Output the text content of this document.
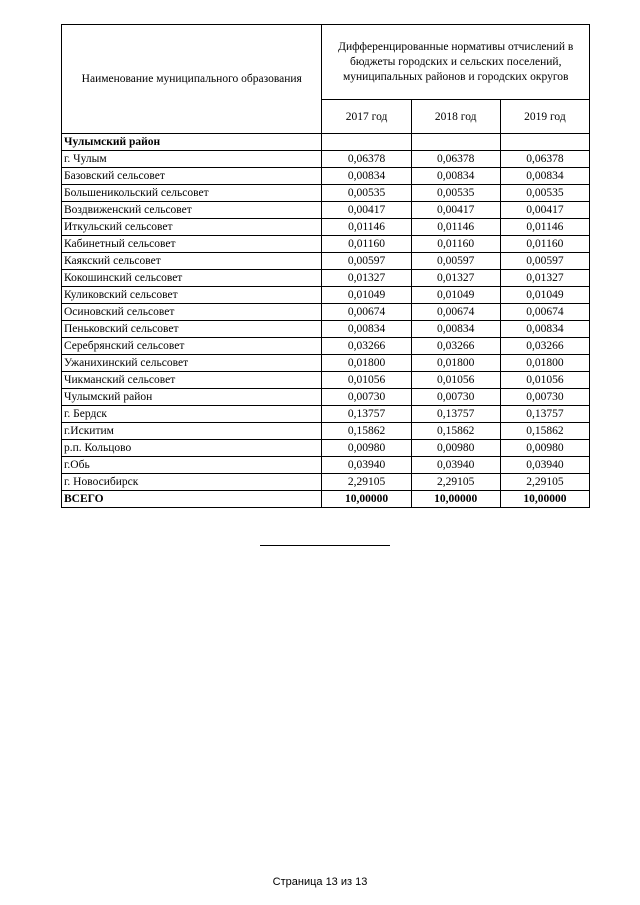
Наименование муниципального образования	Дифференцированные нормативы отчислений в бюджеты городских и сельских поселений, муниципальных районов и городских округов		
	2017 год	2018 год	2019 год
Чулымский район			
г. Чулым	0,06378	0,06378	0,06378
Базовский сельсовет	0,00834	0,00834	0,00834
Большеникольский сельсовет	0,00535	0,00535	0,00535
Воздвиженский сельсовет	0,00417	0,00417	0,00417
Иткульский сельсовет	0,01146	0,01146	0,01146
Кабинетный сельсовет	0,01160	0,01160	0,01160
Каякский сельсовет	0,00597	0,00597	0,00597
Кокошинский сельсовет	0,01327	0,01327	0,01327
Куликовский сельсовет	0,01049	0,01049	0,01049
Осиновский сельсовет	0,00674	0,00674	0,00674
Пеньковский сельсовет	0,00834	0,00834	0,00834
Серебрянский сельсовет	0,03266	0,03266	0,03266
Ужанихинский сельсовет	0,01800	0,01800	0,01800
Чикманский сельсовет	0,01056	0,01056	0,01056
Чулымский район	0,00730	0,00730	0,00730
г. Бердск	0,13757	0,13757	0,13757
г.Искитим	0,15862	0,15862	0,15862
р.п. Кольцово	0,00980	0,00980	0,00980
г.Обь	0,03940	0,03940	0,03940
г. Новосибирск	2,29105	2,29105	2,29105
ВСЕГО	10,00000	10,00000	10,00000
Страница 13 из 13
